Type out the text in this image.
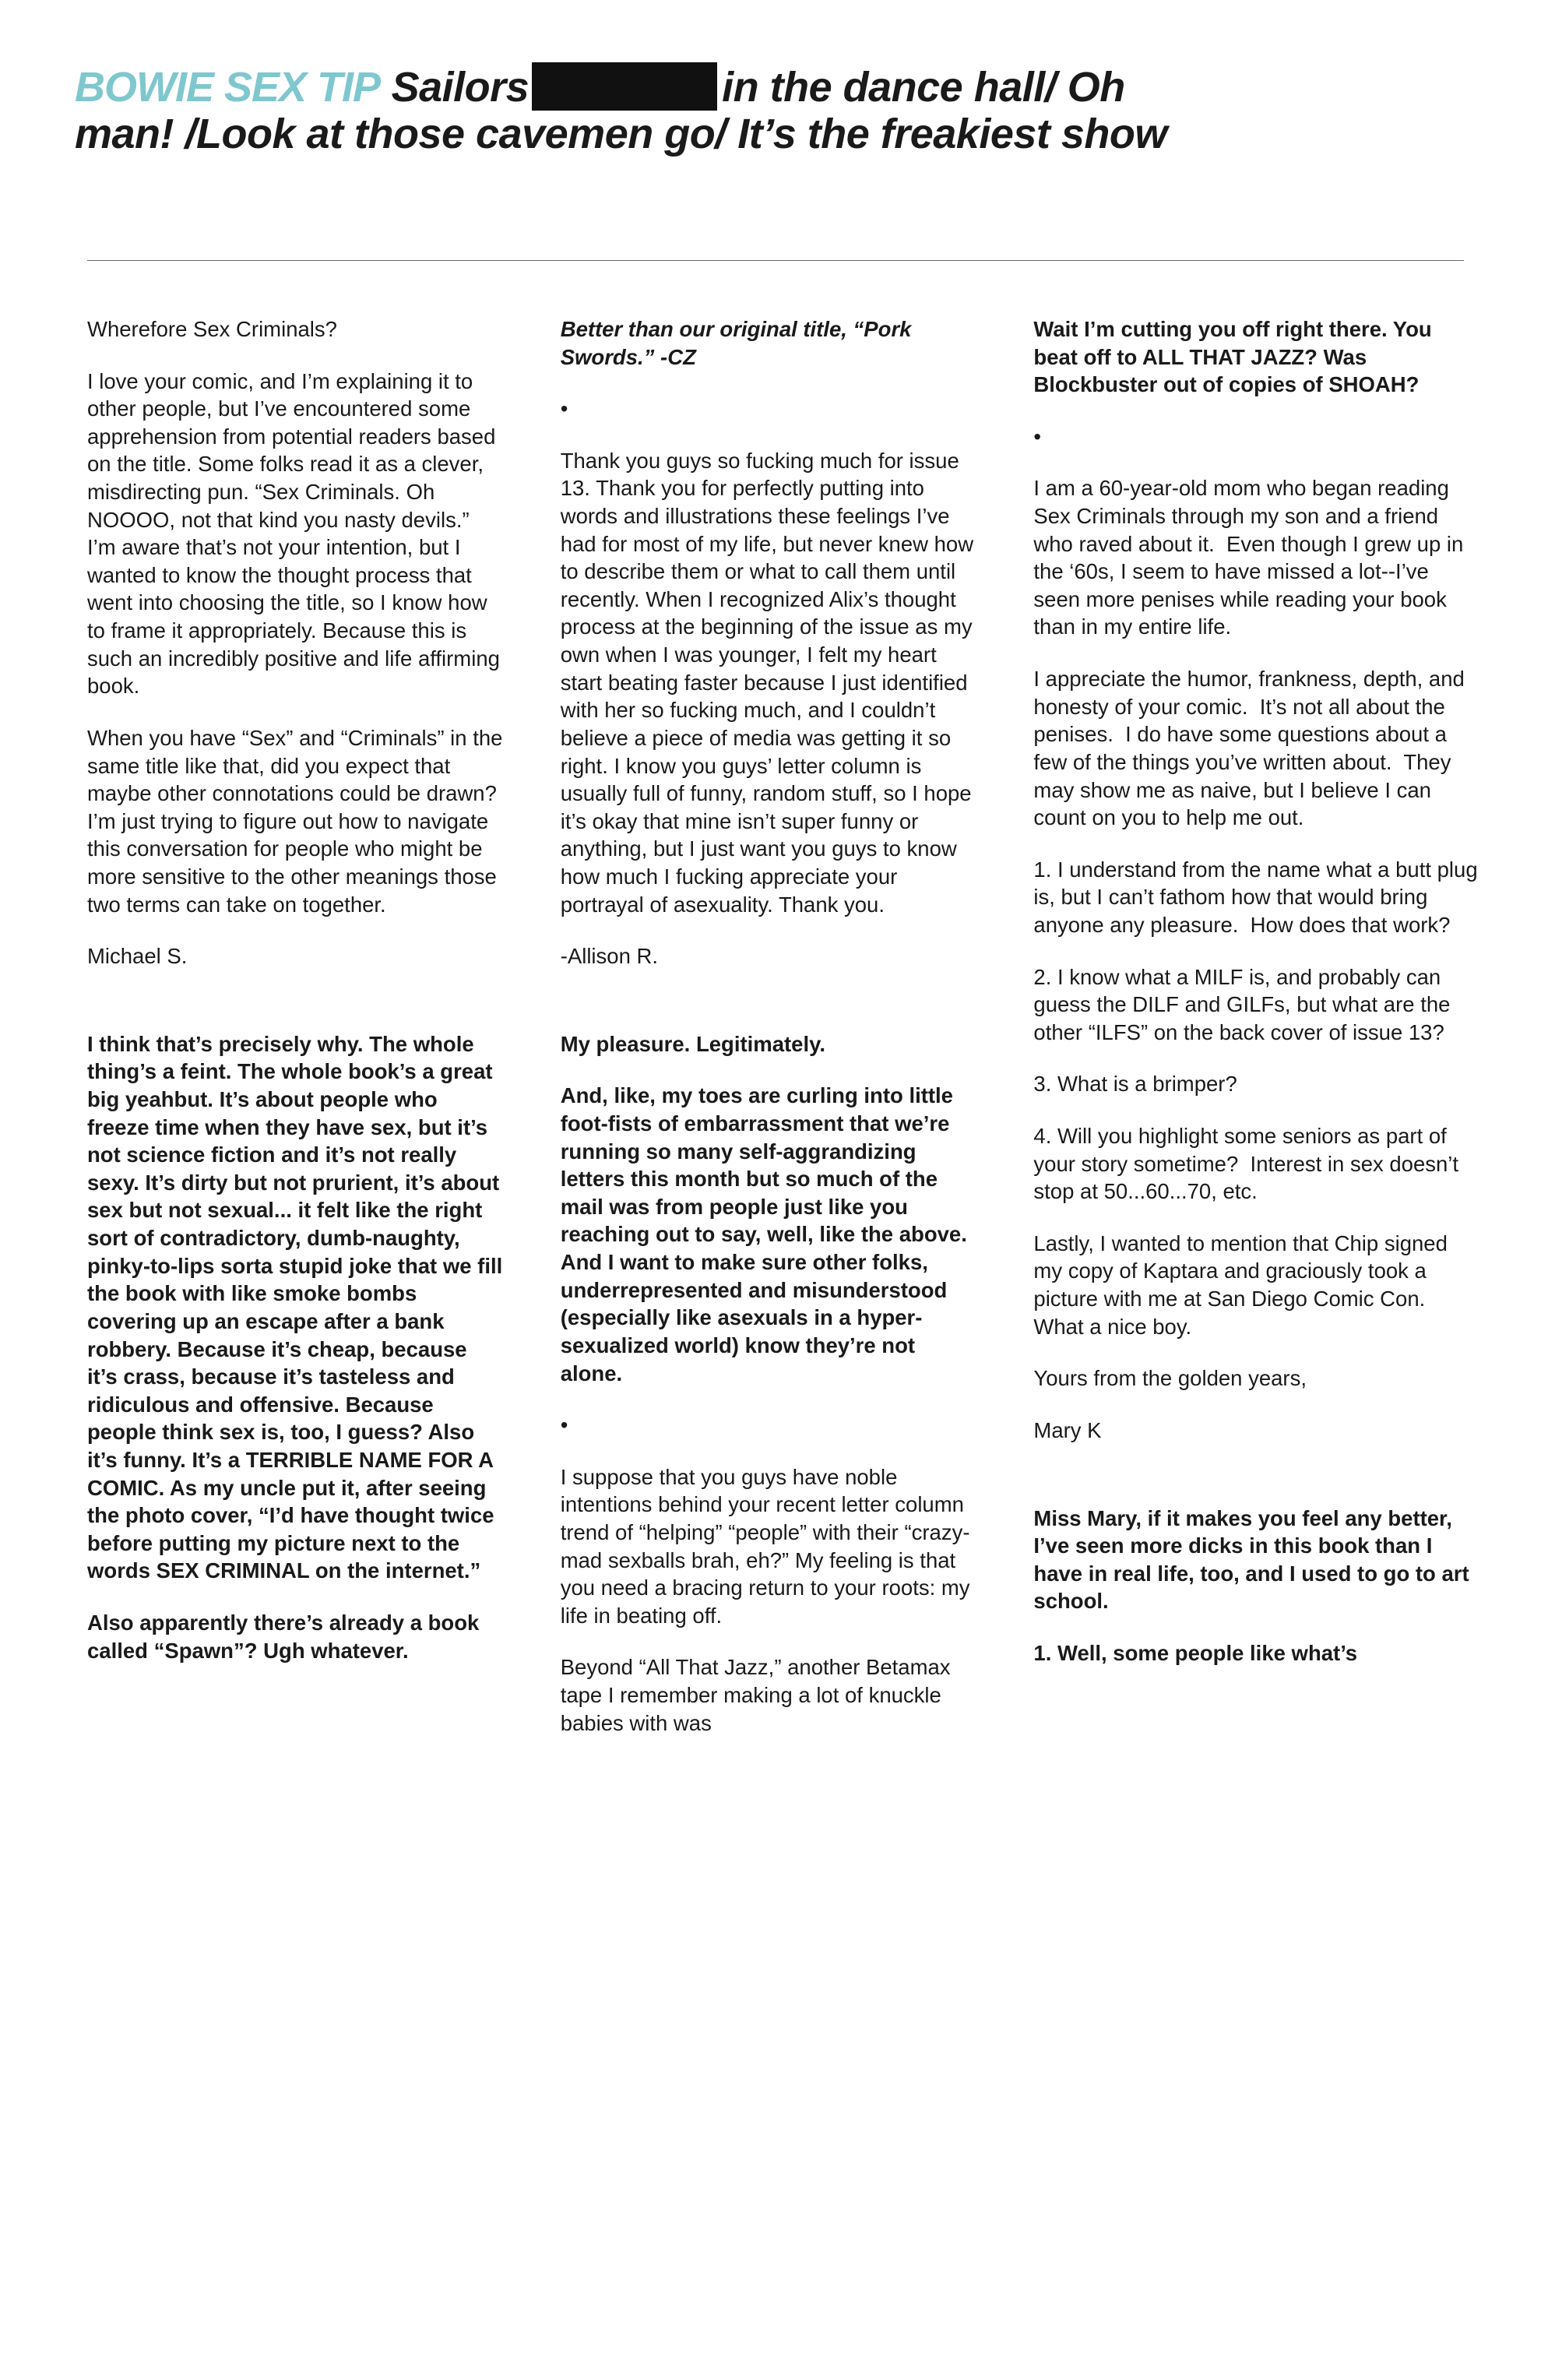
BOWIE SEX TIP Sailors	in the dance hall/ Oh
man! /Look at those cavemen go/ It’s the freakiest show

Wherefore Sex Criminals?

I love your comic, and I’m explaining it to other people, but I’ve encountered some apprehension from potential readers based on the title. Some folks read it as a clever, misdirecting pun. “Sex Criminals. Oh NOOOO, not that kind you nasty devils.” I’m aware that’s not your intention, but I wanted to know the thought process that went into choosing the title, so I know how to frame it appropriately. Because this is such an incredibly positive and life affirming book.

When you have “Sex” and “Criminals” in the same title like that, did you expect that maybe other connotations could be drawn? I’m just trying to figure out how to navigate this conversation for people who might be more sensitive to the other meanings those two terms can take on together.

Michael S.

I think that’s precisely why. The whole thing’s a feint. The whole book’s a great big yeahbut. It’s about people who freeze time when they have sex, but it’s not science fiction and it’s not really sexy. It’s dirty but not prurient, it’s about sex but not sexual... it felt like the right sort of contradictory, dumb-naughty, pinky-to-lips sorta stupid joke that we fill the book with like smoke bombs covering up an escape after a bank robbery. Because it’s cheap, because it’s crass, because it’s tasteless and ridiculous and offensive. Because people think sex is, too, I guess? Also it’s funny. It’s a TERRIBLE NAME FOR A COMIC. As my uncle put it, after seeing the photo cover, “I’d have thought twice before putting my picture next to the words SEX CRIMINAL on the internet.”

Also apparently there’s already a book called “Spawn”? Ugh whatever.

Better than our original title, “Pork Swords.” -CZ

•

Thank you guys so fucking much for issue 13. Thank you for perfectly putting into words and illustrations these feelings I’ve had for most of my life, but never knew how to describe them or what to call them until recently. When I recognized Alix’s thought process at the beginning of the issue as my own when I was younger, I felt my heart start beating faster because I just identified with her so fucking much, and I couldn’t believe a piece of media was getting it so right. I know you guys’ letter column is usually full of funny, random stuff, so I hope it’s okay that mine isn’t super funny or anything, but I just want you guys to know how much I fucking appreciate your portrayal of asexuality. Thank you.

-Allison R.

My pleasure. Legitimately.

And, like, my toes are curling into little foot-fists of embarrassment that we’re running so many self-aggrandizing letters this month but so much of the mail was from people just like you reaching out to say, well, like the above. And I want to make sure other folks, underrepresented and misunderstood (especially like asexuals in a hyper-sexualized world) know they’re not alone.

•

I suppose that you guys have noble intentions behind your recent letter column trend of “helping” “people” with their “crazy-mad sexballs brah, eh?” My feeling is that you need a bracing return to your roots: my life in beating off.

Beyond “All That Jazz,” another Betamax tape I remember making a lot of knuckle babies with was

Wait I’m cutting you off right there. You beat off to ALL THAT JAZZ? Was Blockbuster out of copies of SHOAH?

•

I am a 60-year-old mom who began reading Sex Criminals through my son and a friend who raved about it.  Even though I grew up in the ‘60s, I seem to have missed a lot--I’ve seen more penises while reading your book than in my entire life.

I appreciate the humor, frankness, depth, and honesty of your comic.  It’s not all about the penises.  I do have some questions about a few of the things you’ve written about.  They may show me as naive, but I believe I can count on you to help me out.

1. I understand from the name what a butt plug is, but I can’t fathom how that would bring anyone any pleasure.  How does that work?

2. I know what a MILF is, and probably can guess the DILF and GILFs, but what are the other “ILFS” on the back cover of issue 13?

3. What is a brimper?

4. Will you highlight some seniors as part of your story sometime?  Interest in sex doesn’t stop at 50...60...70, etc.

Lastly, I wanted to mention that Chip signed my copy of Kaptara and graciously took a picture with me at San Diego Comic Con.  What a nice boy.

Yours from the golden years,

Mary K

Miss Mary, if it makes you feel any better, I’ve seen more dicks in this book than I have in real life, too, and I used to go to art school.

1. Well, some people like what’s
